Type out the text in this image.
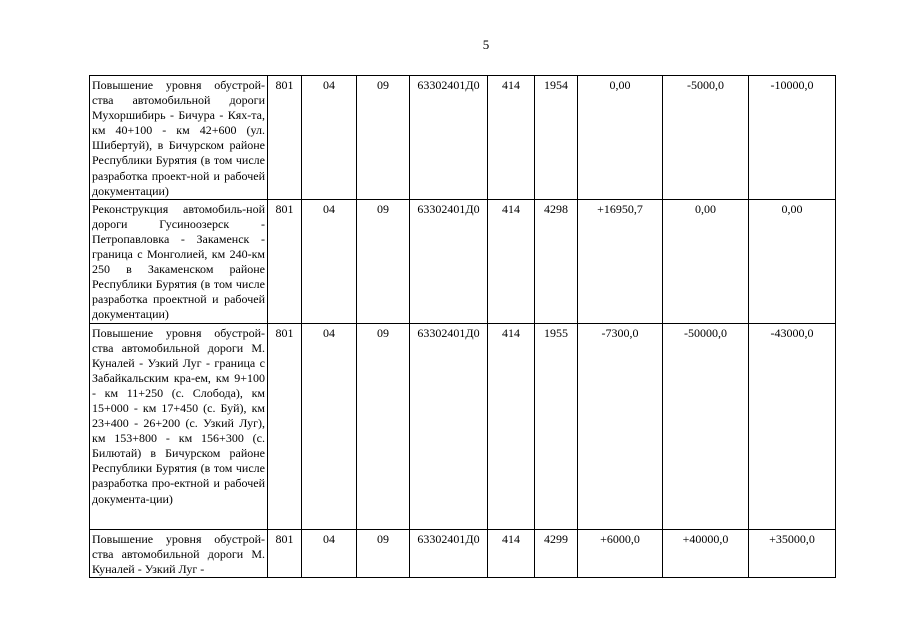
5
Повышение уровня обустрой-ства автомобильной дороги Мухоршибирь - Бичура - Кях-та, км 40+100 - км 42+600 (ул. Шибертуй), в Бичурском районе Республики Бурятия (в том числе разработка проект-ной и рабочей документации)	801	04	09	63302401Д0	414	1954	0,00	-5000,0	-10000,0
Реконструкция автомобиль-ной дороги Гусиноозерск - Петропавловка - Закаменск - граница с Монголией, км 240-км 250 в Закаменском районе Республики Бурятия (в том числе разработка проектной и рабочей документации)	801	04	09	63302401Д0	414	4298	+16950,7	0,00	0,00
Повышение уровня обустрой-ства автомобильной дороги М. Куналей - Узкий Луг - граница с Забайкальским кра-ем, км 9+100 - км 11+250 (с. Слобода), км 15+000 - км 17+450 (с. Буй), км 23+400 - 26+200 (с. Узкий Луг), км 153+800 - км 156+300 (с. Билютай) в Бичурском районе Республики Бурятия (в том числе разработка про-ектной и рабочей документа-ции)	801	04	09	63302401Д0	414	1955	-7300,0	-50000,0	-43000,0

Повышение уровня обустрой-ства автомобильной дороги М. Куналей - Узкий Луг -	801	04	09	63302401Д0	414	4299	+6000,0	+40000,0	+35000,0
